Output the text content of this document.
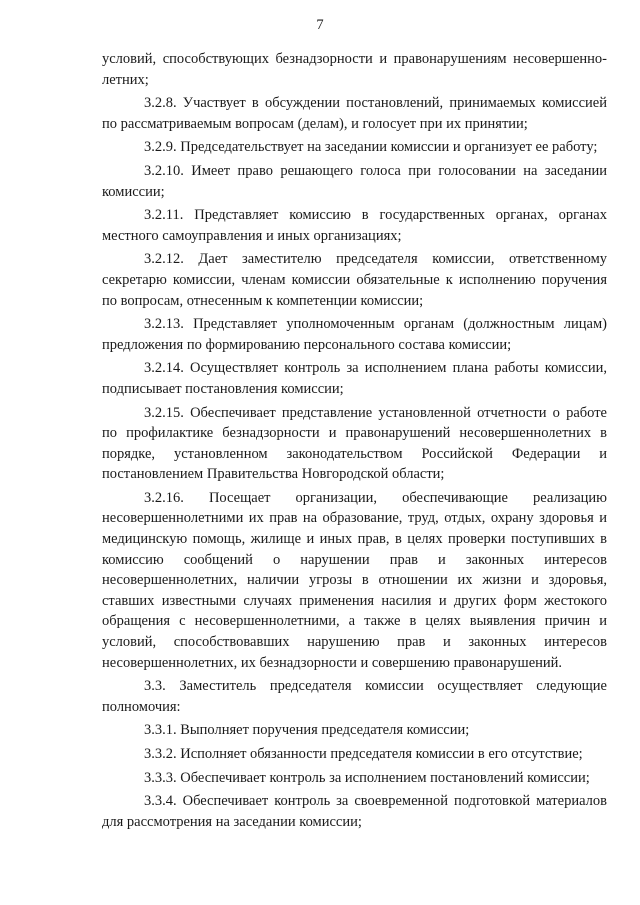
7

условий, способствующих безнадзорности и правонарушениям несовершенно-летних;

3.2.8. Участвует в обсуждении постановлений, принимаемых комиссией по рассматриваемым вопросам (делам), и голосует при их принятии;

3.2.9. Председательствует на заседании комиссии и организует ее работу;

3.2.10. Имеет право решающего голоса при голосовании на заседании комиссии;

3.2.11. Представляет комиссию в государственных органах, органах местного самоуправления и иных организациях;

3.2.12. Дает заместителю председателя комиссии, ответственному секретарю комиссии, членам комиссии обязательные к исполнению поручения по вопросам, отнесенным к компетенции комиссии;

3.2.13. Представляет уполномоченным органам (должностным лицам) предложения по формированию персонального состава комиссии;

3.2.14. Осуществляет контроль за исполнением плана работы комиссии, подписывает постановления комиссии;

3.2.15. Обеспечивает представление установленной отчетности о работе по профилактике безнадзорности и правонарушений несовершеннолетних в порядке, установленном законодательством Российской Федерации и постановлением Правительства Новгородской области;

3.2.16. Посещает организации, обеспечивающие реализацию несовершеннолетними их прав на образование, труд, отдых, охрану здоровья и медицинскую помощь, жилище и иных прав, в целях проверки поступивших в комиссию сообщений о нарушении прав и законных интересов несовершеннолетних, наличии угрозы в отношении их жизни и здоровья, ставших известными случаях применения насилия и других форм жестокого обращения с несовершеннолетними, а также в целях выявления причин и условий, способствовавших нарушению прав и законных интересов несовершеннолетних, их безнадзорности и совершению правонарушений.

3.3. Заместитель председателя комиссии осуществляет следующие полномочия:

3.3.1. Выполняет поручения председателя комиссии;

3.3.2. Исполняет обязанности председателя комиссии в его отсутствие;

3.3.3. Обеспечивает контроль за исполнением постановлений комиссии;

3.3.4. Обеспечивает контроль за своевременной подготовкой материалов для рассмотрения на заседании комиссии;
